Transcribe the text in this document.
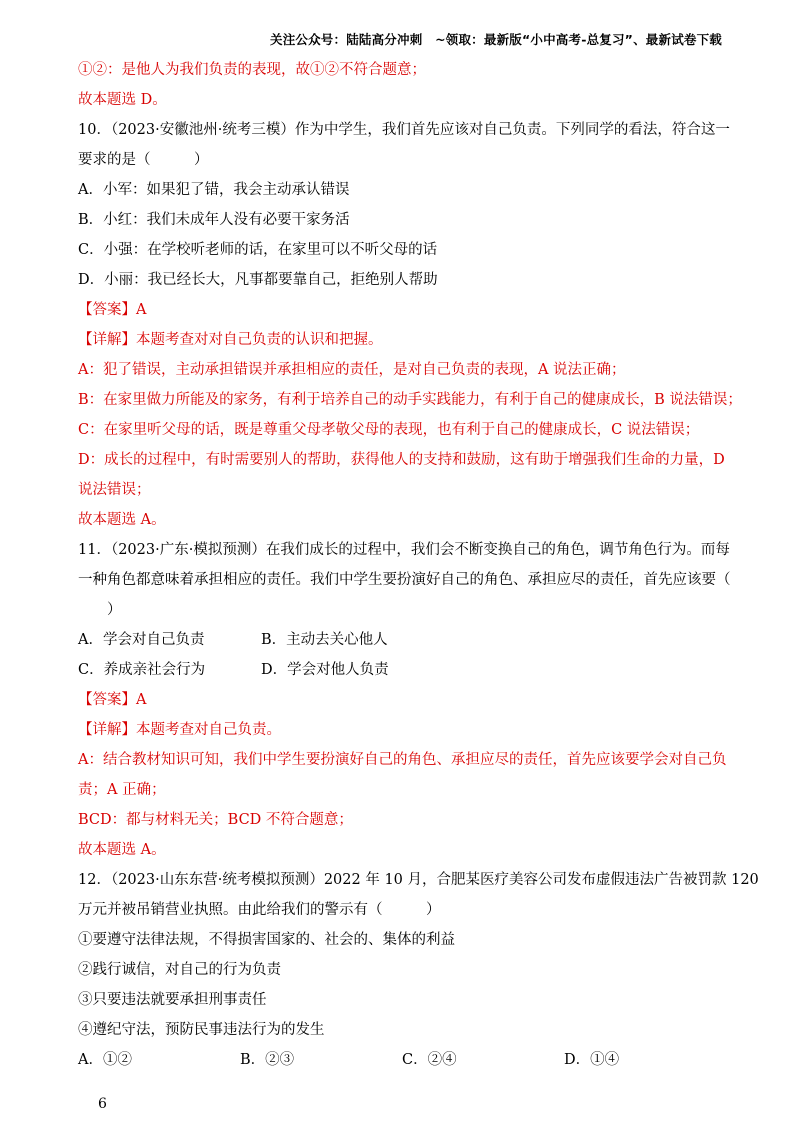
关注公众号：陆陆高分冲刺　~领取：最新版“小中高考-总复习”、最新试卷下载
①②：是他人为我们负责的表现，故①②不符合题意；
故本题选 D。
10．（2023·安徽池州·统考三模）作为中学生，我们首先应该对自己负责。下列同学的看法，符合这一
要求的是（　　　）
A．小军：如果犯了错，我会主动承认错误
B．小红：我们未成年人没有必要干家务活
C．小强：在学校听老师的话，在家里可以不听父母的话
D．小丽：我已经长大，凡事都要靠自己，拒绝别人帮助
【答案】A
【详解】本题考查对对自己负责的认识和把握。
A：犯了错误，主动承担错误并承担相应的责任，是对自己负责的表现，A 说法正确；
B：在家里做力所能及的家务，有利于培养自己的动手实践能力，有利于自己的健康成长，B 说法错误；
C：在家里听父母的话，既是尊重父母孝敬父母的表现，也有利于自己的健康成长，C 说法错误；
D：成长的过程中，有时需要别人的帮助，获得他人的支持和鼓励，这有助于增强我们生命的力量，D
说法错误；
故本题选 A。
11．（2023·广东·模拟预测）在我们成长的过程中，我们会不断变换自己的角色，调节角色行为。而每
一种角色都意味着承担相应的责任。我们中学生要扮演好自己的角色、承担应尽的责任，首先应该要（
　　）
A．学会对自己负责	B．主动去关心他人
C．养成亲社会行为	D．学会对他人负责
【答案】A
【详解】本题考查对自己负责。
A：结合教材知识可知，我们中学生要扮演好自己的角色、承担应尽的责任，首先应该要学会对自己负
责；A 正确；
BCD：都与材料无关；BCD 不符合题意；
故本题选 A。
12．（2023·山东东营·统考模拟预测）2022 年 10 月，合肥某医疗美容公司发布虚假违法广告被罚款 120
万元并被吊销营业执照。由此给我们的警示有（　　　）
①要遵守法律法规，不得损害国家的、社会的、集体的利益
②践行诚信，对自己的行为负责
③只要违法就要承担刑事责任
④遵纪守法，预防民事违法行为的发生
A．①②	B．②③	C．②④	D．①④
6
